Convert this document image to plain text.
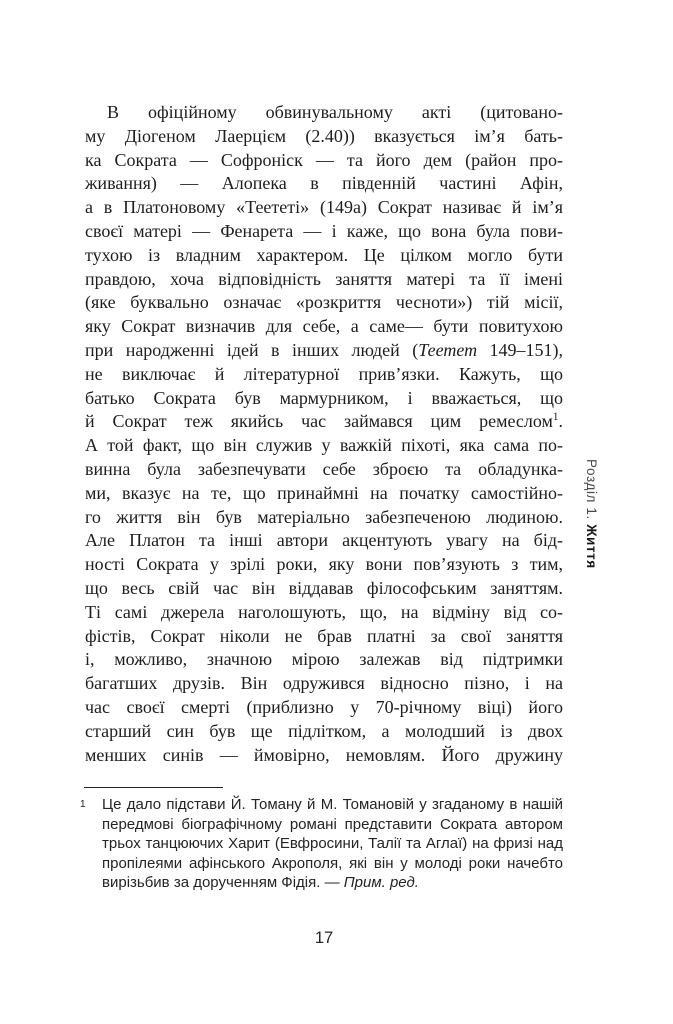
В офіційному обвинувальному акті (цитовано-
му Діогеном Лаерцієм (2.40)) вказується ім’я бать-
ка Сократа — Софроніск — та його дем (район про-
живання) — Алопека в південній частині Афін,
а в Платоновому «Теететі» (149а) Сократ називає й ім’я
своєї матері — Фенарета — і каже, що вона була пови-
тухою із владним характером. Це цілком могло бути
правдою, хоча відповідність заняття матері та її імені
(яке буквально означає «розкриття чесноти») тій місії,
яку Сократ визначив для себе, а саме— бути повитухою
при народженні ідей в інших людей (Теетет 149–151),
не виключає й літературної прив’язки. Кажуть, що
батько Сократа був мармурником, і вважається, що
й Сократ теж якийсь час займався цим ремеслом$^1$.
А той факт, що він служив у важкій піхоті, яка сама по-
винна була забезпечувати себе зброєю та обладунка-
ми, вказує на те, що принаймні на початку самостійно-
го життя він був матеріально забезпеченою людиною.
Але Платон та інші автори акцентують увагу на бід-
ності Сократа у зрілі роки, яку вони пов’язують з тим,
що весь свій час він віддавав філософським заняттям.
Ті самі джерела наголошують, що, на відміну від со-
фістів, Сократ ніколи не брав платні за свої заняття
і, можливо, значною мірою залежав від підтримки
багатших друзів. Він одружився відносно пізно, і на
час своєї смерті (приблизно у 70-річному віці) його
старший син був ще підлітком, а молодший із двох
менших синів — ймовірно, немовлям. Його дружину
Розділ 1. Життя
1 Це дало підстави Й. Томану й М. Томановій у згаданому в нашій
передмові біографічному романі представити Сократа автором
трьох танцюючих Харит (Евфросини, Талії та Аглаї) на фризі над
пропілеями афінського Акрополя, які він у молоді роки начебто
вирізьбив за дорученням Фідія. — Прим. ред.
17
